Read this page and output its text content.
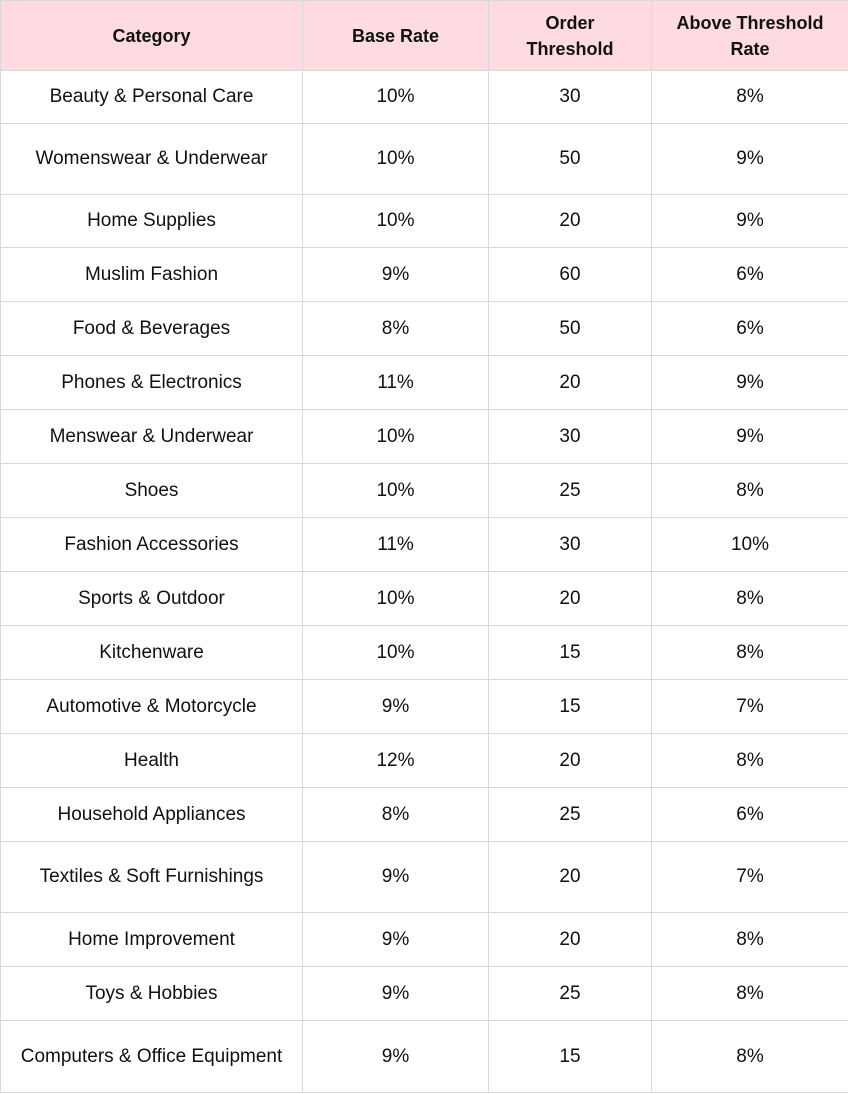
Category	Base Rate	Order Threshold	Above Threshold Rate
Beauty & Personal Care	10%	30	8%
Womenswear & Underwear	10%	50	9%
Home Supplies	10%	20	9%
Muslim Fashion	9%	60	6%
Food & Beverages	8%	50	6%
Phones & Electronics	11%	20	9%
Menswear & Underwear	10%	30	9%
Shoes	10%	25	8%
Fashion Accessories	11%	30	10%
Sports & Outdoor	10%	20	8%
Kitchenware	10%	15	8%
Automotive & Motorcycle	9%	15	7%
Health	12%	20	8%
Household Appliances	8%	25	6%
Textiles & Soft Furnishings	9%	20	7%
Home Improvement	9%	20	8%
Toys & Hobbies	9%	25	8%
Computers & Office Equipment	9%	15	8%
